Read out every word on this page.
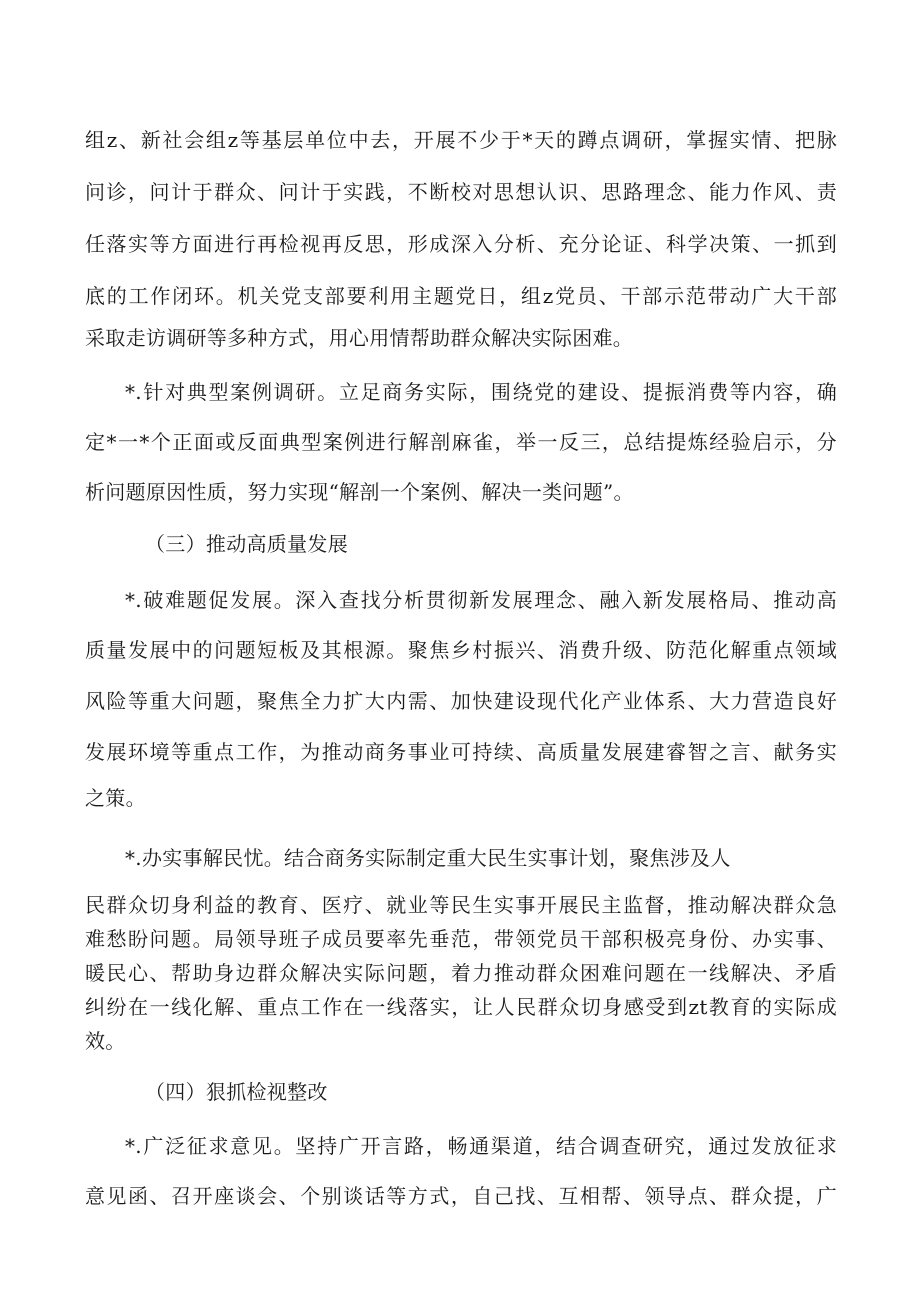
组z、新社会组z等基层单位中去，开展不少于*天的蹲点调研，掌握实情、把脉
问诊，问计于群众、问计于实践，不断校对思想认识、思路理念、能力作风、责
任落实等方面进行再检视再反思，形成深入分析、充分论证、科学决策、一抓到
底的工作闭环。机关党支部要利用主题党日，组z党员、干部示范带动广大干部
采取走访调研等多种方式，用心用情帮助群众解决实际困难。
*.针对典型案例调研。立足商务实际，围绕党的建设、提振消费等内容，确
定*一*个正面或反面典型案例进行解剖麻雀，举一反三，总结提炼经验启示，分
析问题原因性质，努力实现“解剖一个案例、解决一类问题”。
（三）推动高质量发展
*.破难题促发展。深入查找分析贯彻新发展理念、融入新发展格局、推动高
质量发展中的问题短板及其根源。聚焦乡村振兴、消费升级、防范化解重点领域
风险等重大问题，聚焦全力扩大内需、加快建设现代化产业体系、大力营造良好
发展环境等重点工作，为推动商务事业可持续、高质量发展建睿智之言、献务实
之策。
*.办实事解民忧。结合商务实际制定重大民生实事计划，聚焦涉及人
民群众切身利益的教育、医疗、就业等民生实事开展民主监督，推动解决群众急
难愁盼问题。局领导班子成员要率先垂范，带领党员干部积极亮身份、办实事、
暖民心、帮助身边群众解决实际问题，着力推动群众困难问题在一线解决、矛盾
纠纷在一线化解、重点工作在一线落实，让人民群众切身感受到zt教育的实际成
效。
（四）狠抓检视整改
*.广泛征求意见。坚持广开言路，畅通渠道，结合调查研究，通过发放征求
意见函、召开座谈会、个别谈话等方式，自己找、互相帮、领导点、群众提，广
